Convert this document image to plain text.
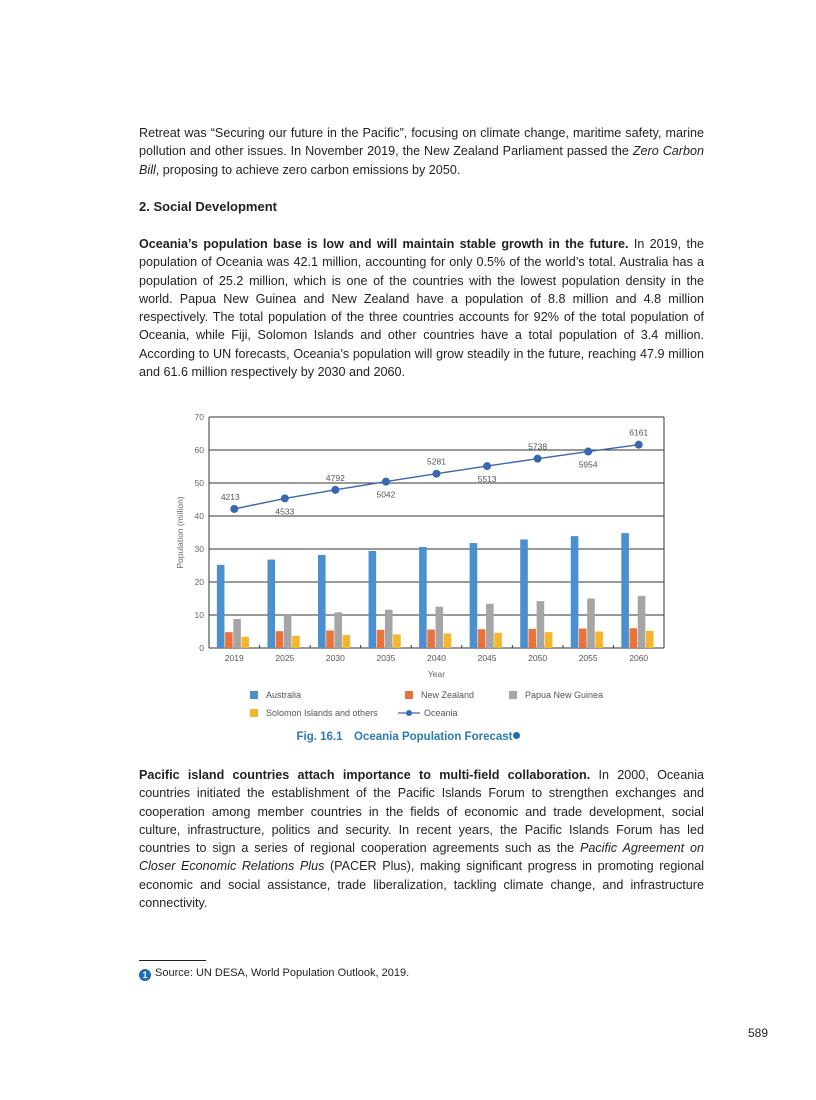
Retreat was “Securing our future in the Pacific”, focusing on climate change, maritime safety, marine pollution and other issues. In November 2019, the New Zealand Parliament passed the Zero Carbon Bill, proposing to achieve zero carbon emissions by 2050.
2. Social Development
Oceania’s population base is low and will maintain stable growth in the future. In 2019, the population of Oceania was 42.1 million, accounting for only 0.5% of the world’s total. Australia has a population of 25.2 million, which is one of the countries with the lowest population density in the world. Papua New Guinea and New Zealand have a population of 8.8 million and 4.8 million respectively. The total population of the three countries accounts for 92% of the total population of Oceania, while Fiji, Solomon Islands and other countries have a total population of 3.4 million. According to UN forecasts, Oceania’s population will grow steadily in the future, reaching 47.9 million and 61.6 million respectively by 2030 and 2060.
0
10
20
30
40
50
60
70
Population (million)
Year
2019	2025	2030	2035	2040	2045	2050	2055	2060
4213
4533
4792
5042
5281
5513
5738
5954
6161
Australia	New Zealand	Papua New Guinea
Solomon Islands and others	Oceania
Fig. 16.1 Oceania Population Forecast
Pacific island countries attach importance to multi-field collaboration. In 2000, Oceania countries initiated the establishment of the Pacific Islands Forum to strengthen exchanges and cooperation among member countries in the fields of economic and trade development, social culture, infrastructure, politics and security. In recent years, the Pacific Islands Forum has led countries to sign a series of regional cooperation agreements such as the Pacific Agreement on Closer Economic Relations Plus (PACER Plus), making significant progress in promoting regional economic and social assistance, trade liberalization, tackling climate change, and infrastructure connectivity.
1 Source: UN DESA, World Population Outlook, 2019.
589
